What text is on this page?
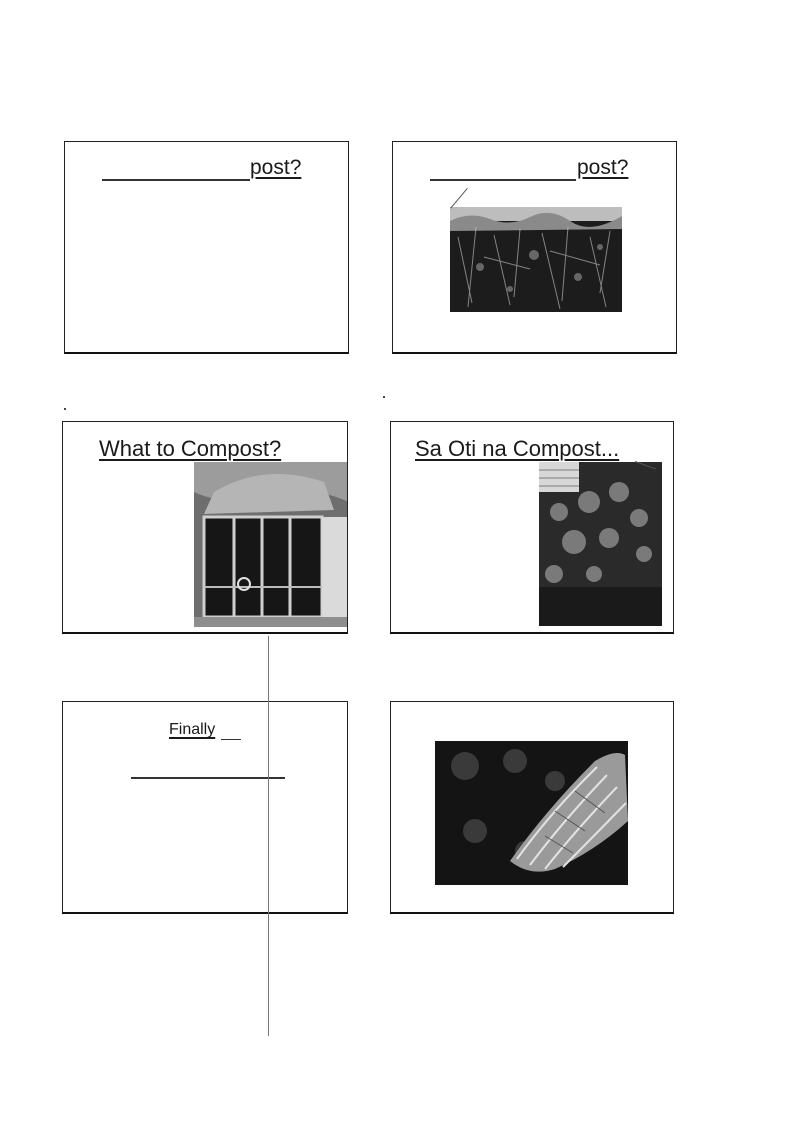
post?	post?
What to Compost?	Sa Oti na Compost...
Finally
